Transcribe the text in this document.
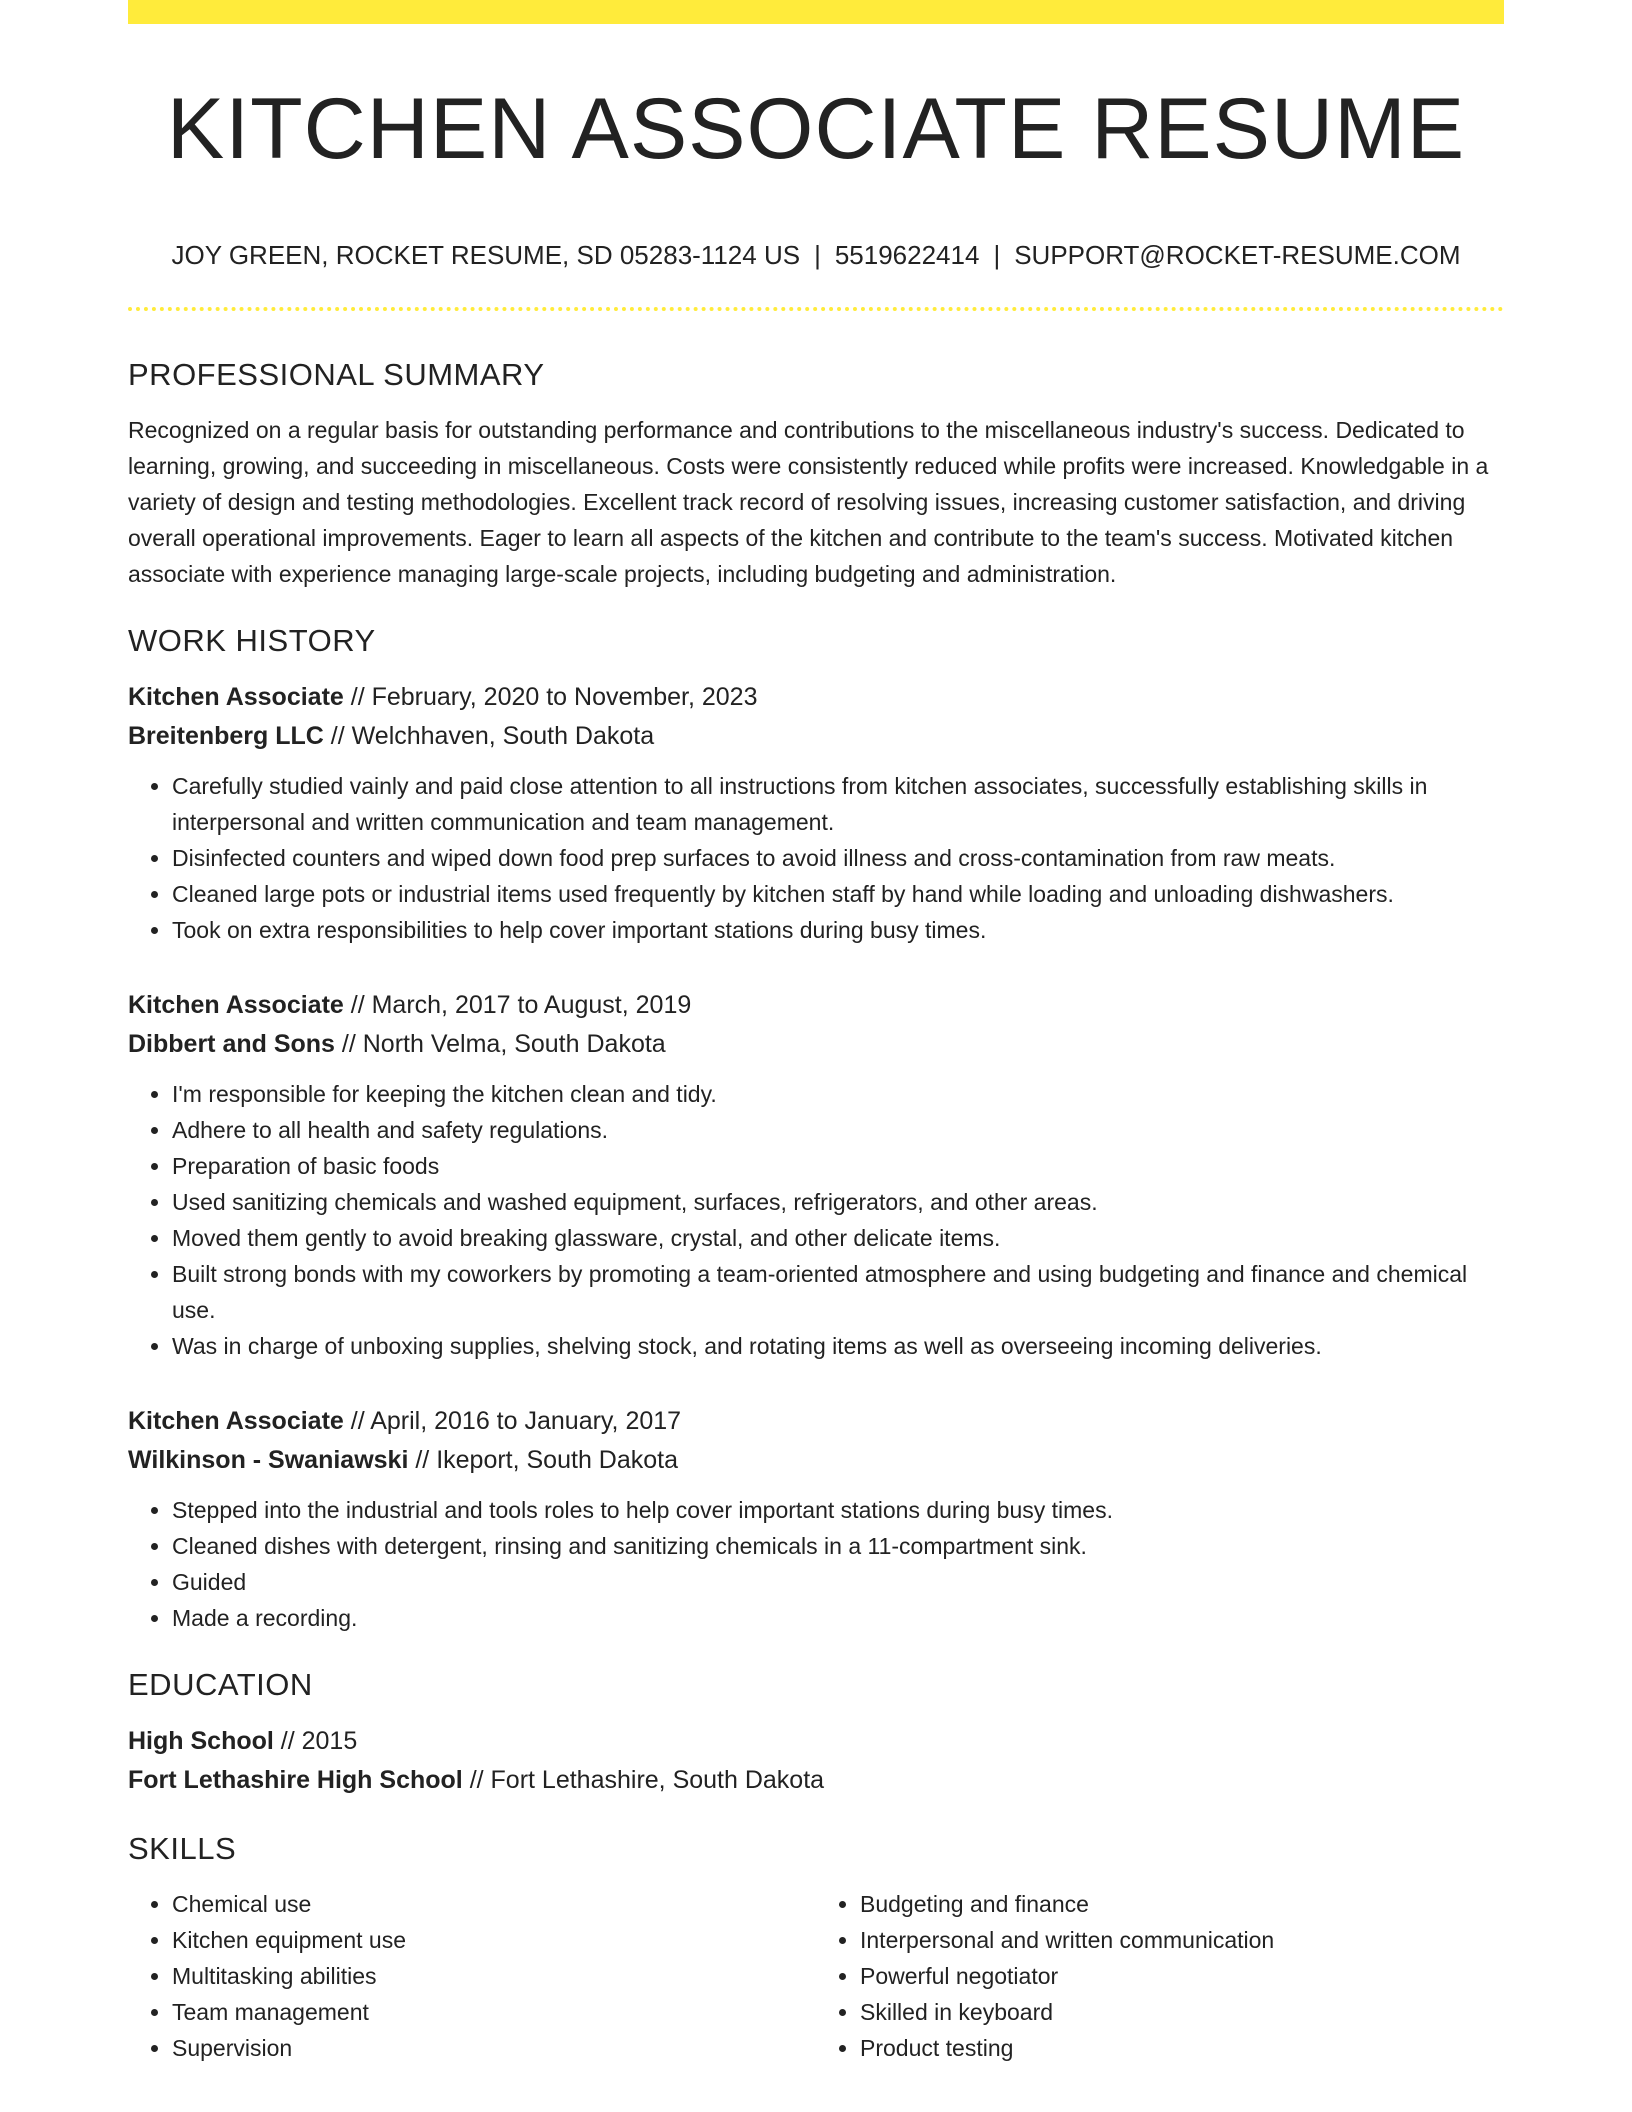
KITCHEN ASSOCIATE RESUME
JOY GREEN, ROCKET RESUME, SD 05283-1124 US | 5519622414 | SUPPORT@ROCKET-RESUME.COM
PROFESSIONAL SUMMARY

Recognized on a regular basis for outstanding performance and contributions to the miscellaneous industry's success. Dedicated to learning, growing, and succeeding in miscellaneous. Costs were consistently reduced while profits were increased. Knowledgable in a variety of design and testing methodologies. Excellent track record of resolving issues, increasing customer satisfaction, and driving overall operational improvements. Eager to learn all aspects of the kitchen and contribute to the team's success. Motivated kitchen associate with experience managing large-scale projects, including budgeting and administration.

WORK HISTORY
Kitchen Associate // February, 2020 to November, 2023
Breitenberg LLC // Welchhaven, South Dakota
• Carefully studied vainly and paid close attention to all instructions from kitchen associates, successfully establishing skills in interpersonal and written communication and team management.
• Disinfected counters and wiped down food prep surfaces to avoid illness and cross-contamination from raw meats.
• Cleaned large pots or industrial items used frequently by kitchen staff by hand while loading and unloading dishwashers.
• Took on extra responsibilities to help cover important stations during busy times.
Kitchen Associate // March, 2017 to August, 2019
Dibbert and Sons // North Velma, South Dakota
• I'm responsible for keeping the kitchen clean and tidy.
• Adhere to all health and safety regulations.
• Preparation of basic foods
• Used sanitizing chemicals and washed equipment, surfaces, refrigerators, and other areas.
• Moved them gently to avoid breaking glassware, crystal, and other delicate items.
• Built strong bonds with my coworkers by promoting a team-oriented atmosphere and using budgeting and finance and chemical use.
• Was in charge of unboxing supplies, shelving stock, and rotating items as well as overseeing incoming deliveries.
Kitchen Associate // April, 2016 to January, 2017
Wilkinson - Swaniawski // Ikeport, South Dakota
• Stepped into the industrial and tools roles to help cover important stations during busy times.
• Cleaned dishes with detergent, rinsing and sanitizing chemicals in a 11-compartment sink.
• Guided
• Made a recording.
EDUCATION
High School // 2015
Fort Lethashire High School // Fort Lethashire, South Dakota
SKILLS
• Chemical use
• Kitchen equipment use
• Multitasking abilities
• Team management
• Supervision
• Budgeting and finance
• Interpersonal and written communication
• Powerful negotiator
• Skilled in keyboard
• Product testing
